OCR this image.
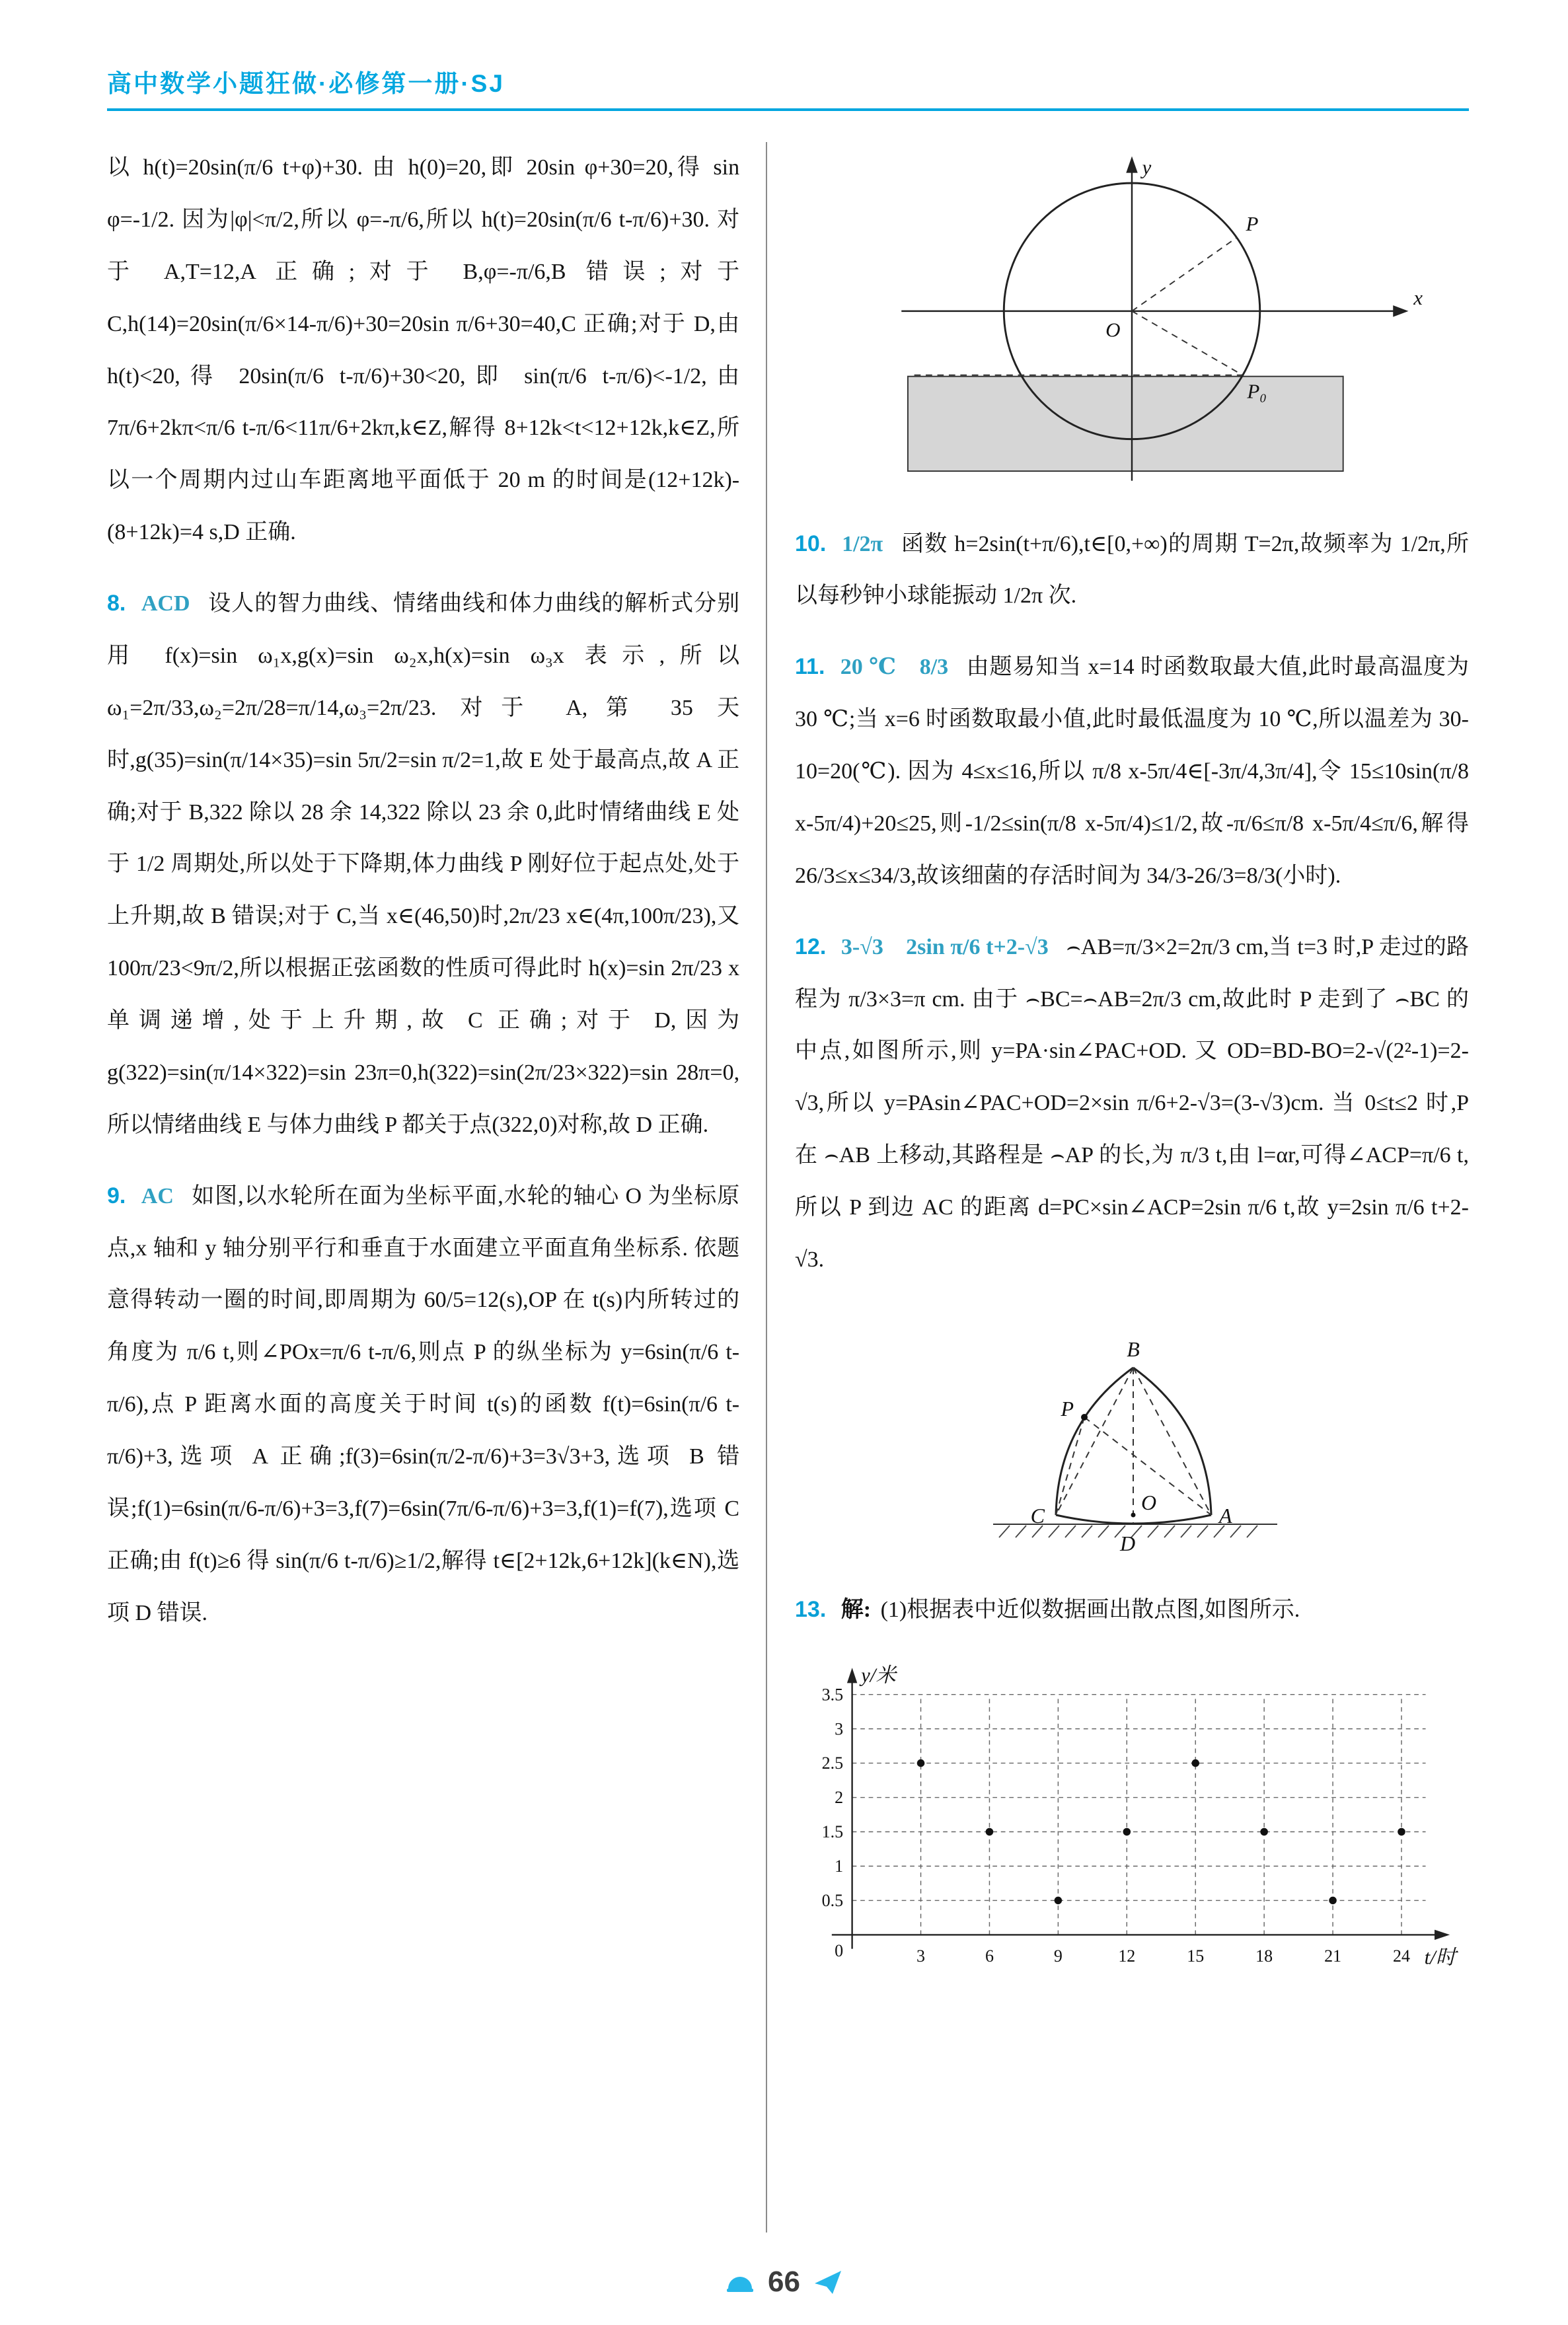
高中数学小题狂做·必修第一册·SJ

以 h(t)=20sin(π/6 t+φ)+30. 由 h(0)=20,即 20sin φ+30=20,得 sin φ=-1/2. 因为|φ|<π/2,所以 φ=-π/6,所以 h(t)=20sin(π/6 t-π/6)+30. 对于 A,T=12,A 正确;对于 B,φ=-π/6,B 错误;对于 C,h(14)=20sin(π/6×14-π/6)+30=20sin π/6+30=40,C 正确;对于 D,由 h(t)<20,得 20sin(π/6 t-π/6)+30<20,即 sin(π/6 t-π/6)<-1/2,由 7π/6+2kπ<π/6 t-π/6<11π/6+2kπ,k∈Z,解得 8+12k<t<12+12k,k∈Z,所以一个周期内过山车距离地平面低于 20 m 的时间是(12+12k)-(8+12k)=4 s,D 正确.

8. ACD 设人的智力曲线、情绪曲线和体力曲线的解析式分别用 f(x)=sin ω₁x,g(x)=sin ω₂x,h(x)=sin ω₃x 表示,所以 ω₁=2π/33,ω₂=2π/28=π/14,ω₃=2π/23. 对于 A,第 35 天时,g(35)=sin(π/14×35)=sin 5π/2=sin π/2=1,故 E 处于最高点,故 A 正确;对于 B,322 除以 28 余 14,322 除以 23 余 0,此时情绪曲线 E 处于 1/2 周期处,所以处于下降期,体力曲线 P 刚好位于起点处,处于上升期,故 B 错误;对于 C,当 x∈(46,50)时,2π/23 x∈(4π,100π/23),又 100π/23<9π/2,所以根据正弦函数的性质可得此时 h(x)=sin 2π/23 x 单调递增,处于上升期,故 C 正确;对于 D,因为 g(322)=sin(π/14×322)=sin 23π=0,h(322)=sin(2π/23×322)=sin 28π=0,所以情绪曲线 E 与体力曲线 P 都关于点(322,0)对称,故 D 正确.

9. AC 如图,以水轮所在面为坐标平面,水轮的轴心 O 为坐标原点,x 轴和 y 轴分别平行和垂直于水面建立平面直角坐标系. 依题意得转动一圈的时间,即周期为 60/5=12(s),OP 在 t(s)内所转过的角度为 π/6 t,则∠POx=π/6 t-π/6,则点 P 的纵坐标为 y=6sin(π/6 t-π/6),点 P 距离水面的高度关于时间 t(s)的函数 f(t)=6sin(π/6 t-π/6)+3,选项 A 正确;f(3)=6sin(π/2-π/6)+3=3√3+3,选项 B 错误;f(1)=6sin(π/6-π/6)+3=3,f(7)=6sin(7π/6-π/6)+3=3,f(1)=f(7),选项 C 正确;由 f(t)≥6 得 sin(π/6 t-π/6)≥1/2,解得 t∈[2+12k,6+12k](k∈N),选项 D 错误.

x
y
O
P
P₀

10. 1/2π 函数 h=2sin(t+π/6),t∈[0,+∞)的周期 T=2π,故频率为 1/2π,所以每秒钟小球能振动 1/2π 次.

11. 20 ℃　8/3 由题易知当 x=14 时函数取最大值,此时最高温度为 30 ℃;当 x=6 时函数取最小值,此时最低温度为 10 ℃,所以温差为 30-10=20(℃). 因为 4≤x≤16,所以 π/8 x-5π/4∈[-3π/4,3π/4],令 15≤10sin(π/8 x-5π/4)+20≤25,则-1/2≤sin(π/8 x-5π/4)≤1/2,故-π/6≤π/8 x-5π/4≤π/6,解得 26/3≤x≤34/3,故该细菌的存活时间为 34/3-26/3=8/3(小时).

12. 3-√3　2sin π/6 t+2-√3 ⌢AB=π/3×2=2π/3 cm,当 t=3 时,P 走过的路程为 π/3×3=π cm. 由于 ⌢BC=⌢AB=2π/3 cm,故此时 P 走到了 ⌢BC 的中点,如图所示,则 y=PA·sin∠PAC+OD. 又 OD=BD-BO=2-√(2²-1)=2-√3,所以 y=PAsin∠PAC+OD=2×sin π/6+2-√3=(3-√3)cm. 当 0≤t≤2 时,P 在 ⌢AB 上移动,其路程是 ⌢AP 的长,为 π/3 t,由 l=αr,可得∠ACP=π/6 t,所以 P 到边 AC 的距离 d=PC×sin∠ACP=2sin π/6 t,故 y=2sin π/6 t+2-√3.

B
P
C	A
O
D

13. 解: (1)根据表中近似数据画出散点图,如图所示.

3	6	9	12	15	18	21	24
0.5
1
1.5
2
2.5
3
3.5
y/米
t/时
0
66
